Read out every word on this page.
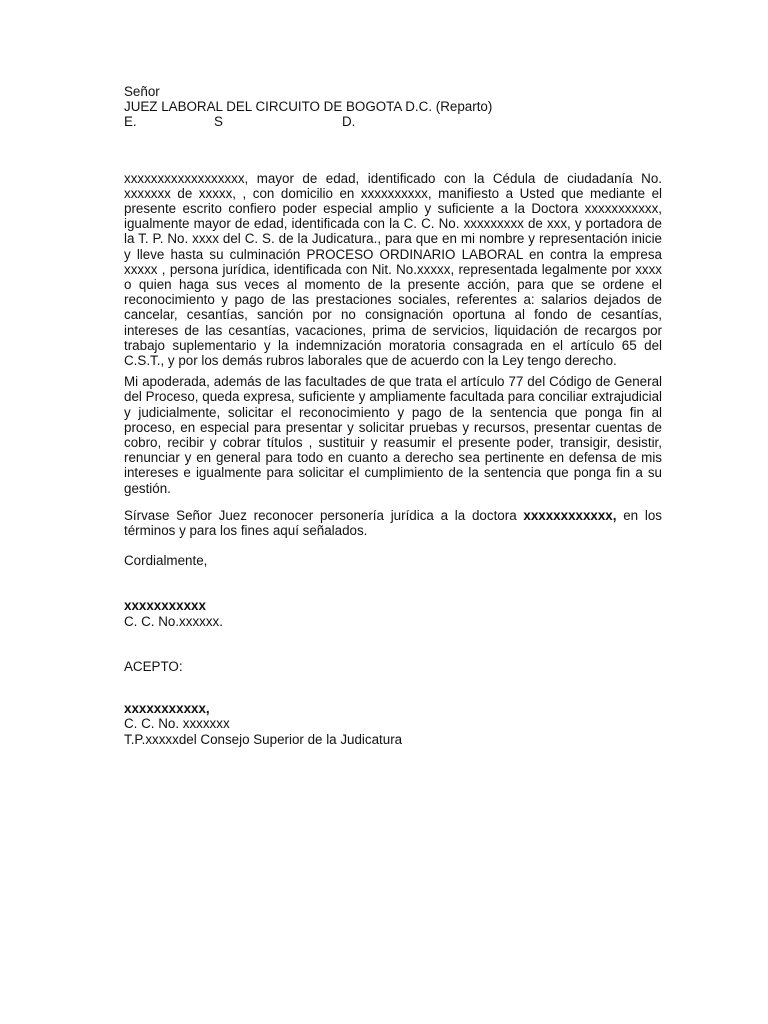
Señor
JUEZ LABORAL DEL CIRCUITO DE BOGOTA D.C. (Reparto)
E.	S	D.

xxxxxxxxxxxxxxxxxx, mayor de edad, identificado con la Cédula de ciudadanía No. xxxxxxx de xxxxx, , con domicilio en xxxxxxxxxx, manifiesto a Usted que mediante el presente escrito confiero poder especial amplio y suficiente a la Doctora xxxxxxxxxxx, igualmente mayor de edad, identificada con la C. C. No. xxxxxxxxx de xxx, y portadora de la T. P. No. xxxx del C. S. de la Judicatura., para que en mi nombre y representación inicie y lleve hasta su culminación PROCESO ORDINARIO LABORAL en contra la empresa xxxxx , persona jurídica, identificada con Nit. No.xxxxx, representada legalmente por xxxx o quien haga sus veces al momento de la presente acción, para que se ordene el reconocimiento y pago de las prestaciones sociales, referentes a: salarios dejados de cancelar, cesantías, sanción por no consignación oportuna al fondo de cesantías, intereses de las cesantías, vacaciones, prima de servicios, liquidación de recargos por trabajo suplementario y la indemnización moratoria consagrada en el artículo 65 del C.S.T., y por los demás rubros laborales que de acuerdo con la Ley tengo derecho.

Mi apoderada, además de las facultades de que trata el artículo 77 del Código de General del Proceso, queda expresa, suficiente y ampliamente facultada para conciliar extrajudicial y judicialmente, solicitar el reconocimiento y pago de la sentencia que ponga fin al proceso, en especial para presentar y solicitar pruebas y recursos, presentar cuentas de cobro, recibir y cobrar títulos , sustituir y reasumir el presente poder, transigir, desistir, renunciar y en general para todo en cuanto a derecho sea pertinente en defensa de mis intereses e igualmente para solicitar el cumplimiento de la sentencia que ponga fin a su gestión.

Sírvase Señor Juez reconocer personería jurídica a la doctora xxxxxxxxxxxx, en los términos y para los fines aquí señalados.

Cordialmente,
xxxxxxxxxxx
C. C. No.xxxxxx.
ACEPTO:
xxxxxxxxxxx,
C. C. No. xxxxxxx
T.P.xxxxxdel Consejo Superior de la Judicatura
